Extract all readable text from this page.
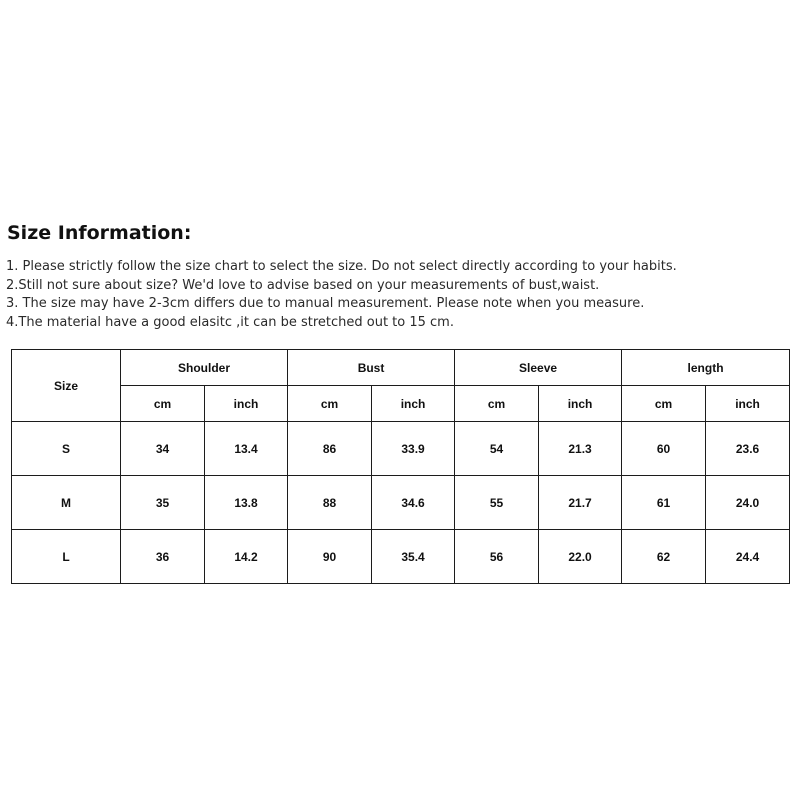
Size Information:
1. Please strictly follow the size chart to select the size. Do not select directly according to your habits.
2.Still not sure about size? We'd love to advise based on your measurements of bust,waist.
3. The size may have 2-3cm differs due to manual measurement. Please note when you measure.
4.The material have a good elasitc ,it can be stretched out to 15 cm.
Size	Shoulder		Bust		Sleeve		length	
	cm	inch	cm	inch	cm	inch	cm	inch
S	34	13.4	86	33.9	54	21.3	60	23.6
M	35	13.8	88	34.6	55	21.7	61	24.0
L	36	14.2	90	35.4	56	22.0	62	24.4
